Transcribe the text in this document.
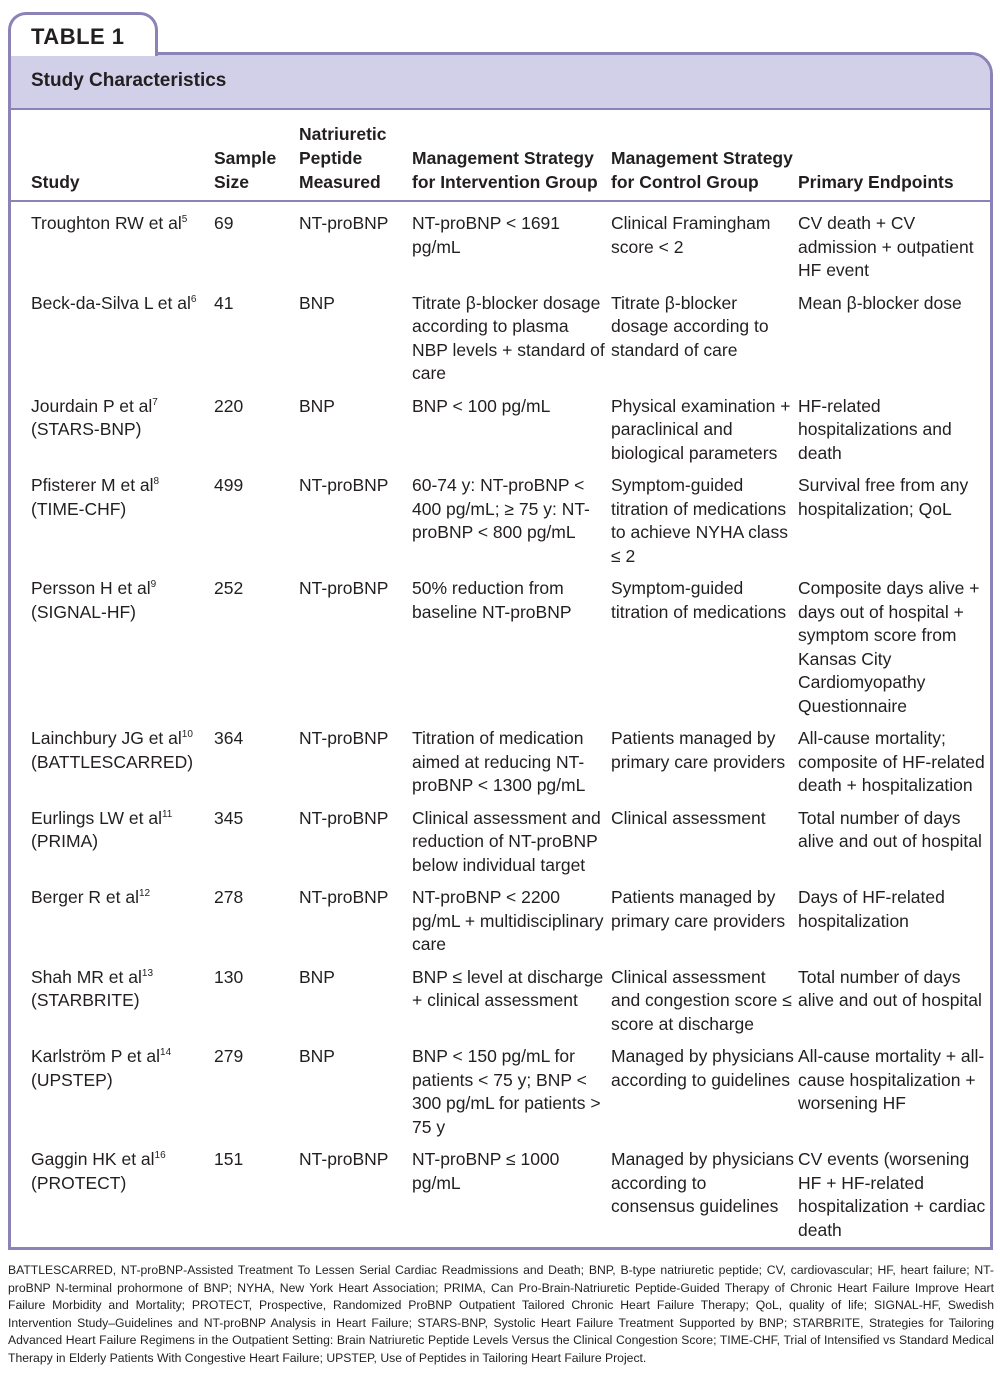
TABLE 1
Study Characteristics
Study	Sample Size	Natriuretic Peptide Measured	Management Strategy for Intervention Group	Management Strategy for Control Group	Primary Endpoints
Troughton RW et $al^5$	69	NT-proBNP	NT-proBNP < 1691 pg/mL	Clinical Framingham score < 2	CV death + CV admission + outpatient HF event
Beck-da-Silva L et $al^6$	41	BNP	Titrate β-blocker dosage according to plasma NBP levels + standard of care	Titrate β-blocker dosage according to standard of care	Mean β-blocker dose
Jourdain P et $al^7$
(STARS-BNP)	220	BNP	BNP < 100 pg/mL	Physical examination + paraclinical and biological parameters	HF-related hospitalizations and death
Pfisterer M et $al^8$
(TIME-CHF)	499	NT-proBNP	60-74 y: NT-proBNP < 400 pg/mL; ≥ 75 y: NT-proBNP < 800 pg/mL	Symptom-guided titration of medications to achieve NYHA class ≤ 2	Survival free from any hospitalization; QoL
Persson H et $al^9$
(SIGNAL-HF)	252	NT-proBNP	50% reduction from baseline NT-proBNP	Symptom-guided titration of medications	Composite days alive + days out of hospital + symptom score from Kansas City Cardiomyopathy Questionnaire
Lainchbury JG et $al^{10}$
(BATTLESCARRED)	364	NT-proBNP	Titration of medication aimed at reducing NT-proBNP < 1300 pg/mL	Patients managed by primary care providers	All-cause mortality; composite of HF-related death + hospitalization
Eurlings LW et $al^{11}$
(PRIMA)	345	NT-proBNP	Clinical assessment and reduction of NT-proBNP below individual target	Clinical assessment	Total number of days alive and out of hospital
Berger R et $al^{12}$	278	NT-proBNP	NT-proBNP < 2200 pg/mL + multidisciplinary care	Patients managed by primary care providers	Days of HF-related hospitalization
Shah MR et $al^{13}$
(STARBRITE)	130	BNP	BNP ≤ level at discharge + clinical assessment	Clinical assessment and congestion score ≤ score at discharge	Total number of days alive and out of hospital
Karlström P et $al^{14}$
(UPSTEP)	279	BNP	BNP < 150 pg/mL for patients < 75 y; BNP < 300 pg/mL for patients > 75 y	Managed by physicians according to guidelines	All-cause mortality + all-cause hospitalization + worsening HF
Gaggin HK et $al^{16}$
(PROTECT)	151	NT-proBNP	NT-proBNP ≤ 1000 pg/mL	Managed by physicians according to consensus guidelines	CV events (worsening HF + HF-related hospitalization + cardiac death
BATTLESCARRED, NT-proBNP-Assisted Treatment To Lessen Serial Cardiac Readmissions and Death; BNP, B-type natriuretic peptide; CV, cardiovascular; HF, heart failure; NT-proBNP N-terminal prohormone of BNP; NYHA, New York Heart Association; PRIMA, Can Pro-Brain-Natriuretic Peptide-Guided Therapy of Chronic Heart Failure Improve Heart Failure Morbidity and Mortality; PROTECT, Prospective, Randomized ProBNP Outpatient Tailored Chronic Heart Failure Therapy; QoL, quality of life; SIGNAL-HF, Swedish Intervention Study–Guidelines and NT-proBNP Analysis in Heart Failure; STARS-BNP, Systolic Heart Failure Treatment Supported by BNP; STARBRITE, Strategies for Tailoring Advanced Heart Failure Regimens in the Outpatient Setting: Brain Natriuretic Peptide Levels Versus the Clinical Congestion Score; TIME-CHF, Trial of Intensified vs Standard Medical Therapy in Elderly Patients With Congestive Heart Failure; UPSTEP, Use of Peptides in Tailoring Heart Failure Project.
